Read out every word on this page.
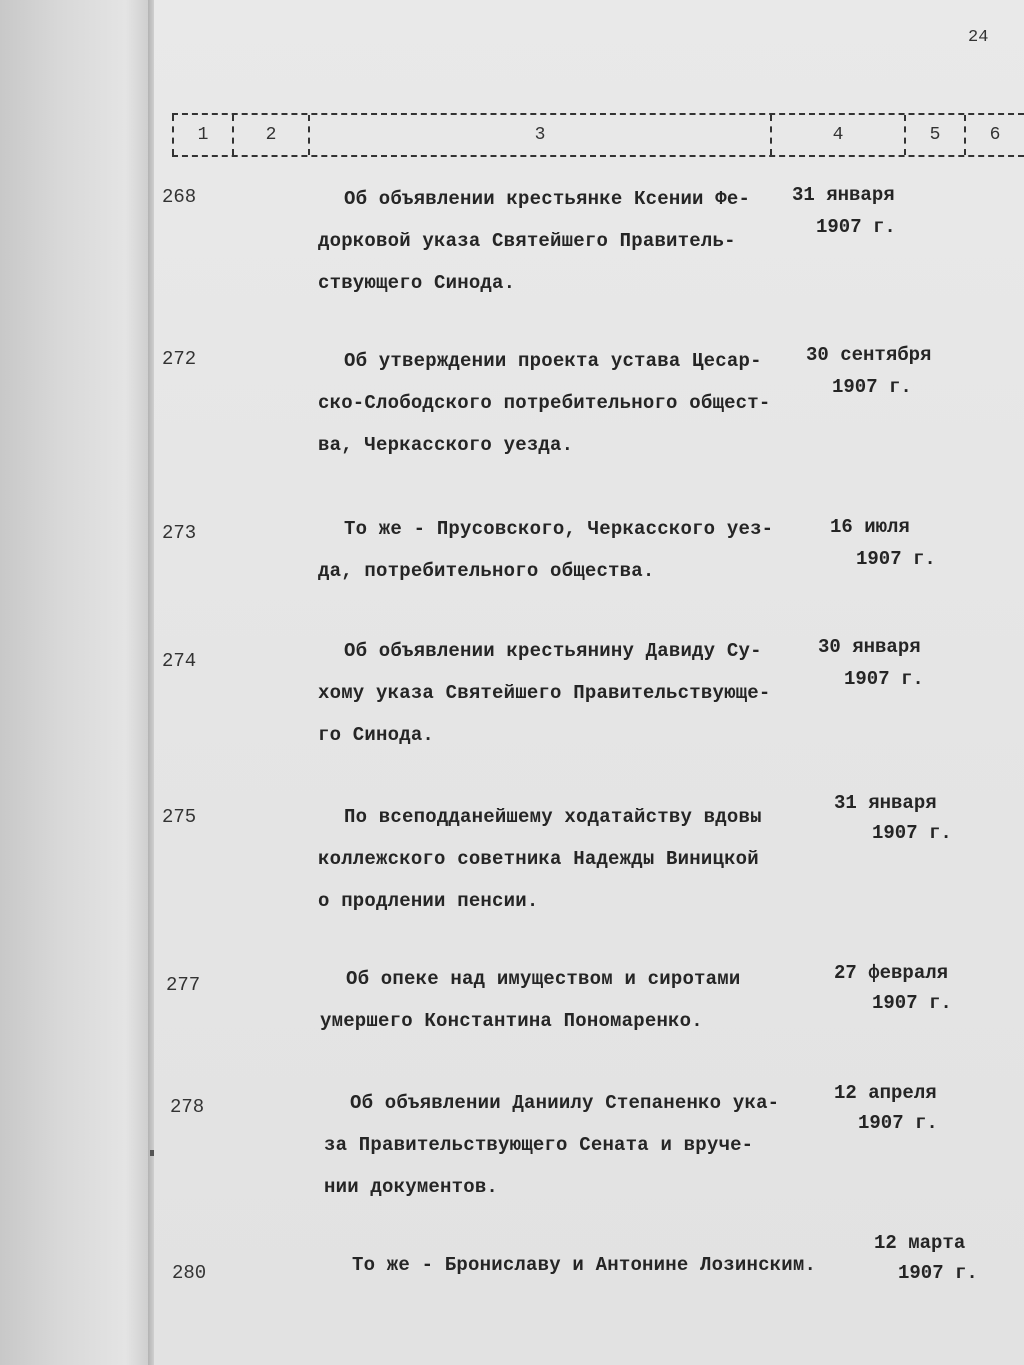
24
1	2	3	4	5	6
268	Об объявлении крестьянке Ксении Фе-
дорковой указа Святейшего Правитель-
ствующего Синода.
31 января
1907 г.
272	Об утверждении проекта устава Цесар-
ско-Слободского потребительного общест-
ва, Черкасского уезда.
30 сентября
1907 г.
273	То же - Прусовского, Черкасского уез-
да, потребительного общества.
16 июля
1907 г.
274	Об объявлении крестьянину Давиду Су-
хому указа Святейшего Правительствующе-
го Синода.
30 января
1907 г.
275	По всеподданейшему ходатайству вдовы
коллежского советника Надежды Виницкой
о продлении пенсии.
31 января
1907 г.
277	Об опеке над имуществом и сиротами
умершего Константина Пономаренко.
27 февраля
1907 г.
278	Об объявлении Даниилу Степаненко ука-
за Правительствующего Сената и вруче-
нии документов.
12 апреля
1907 г.
280	То же - Брониславу и Антонине Лозинским.
12 марта
1907 г.
